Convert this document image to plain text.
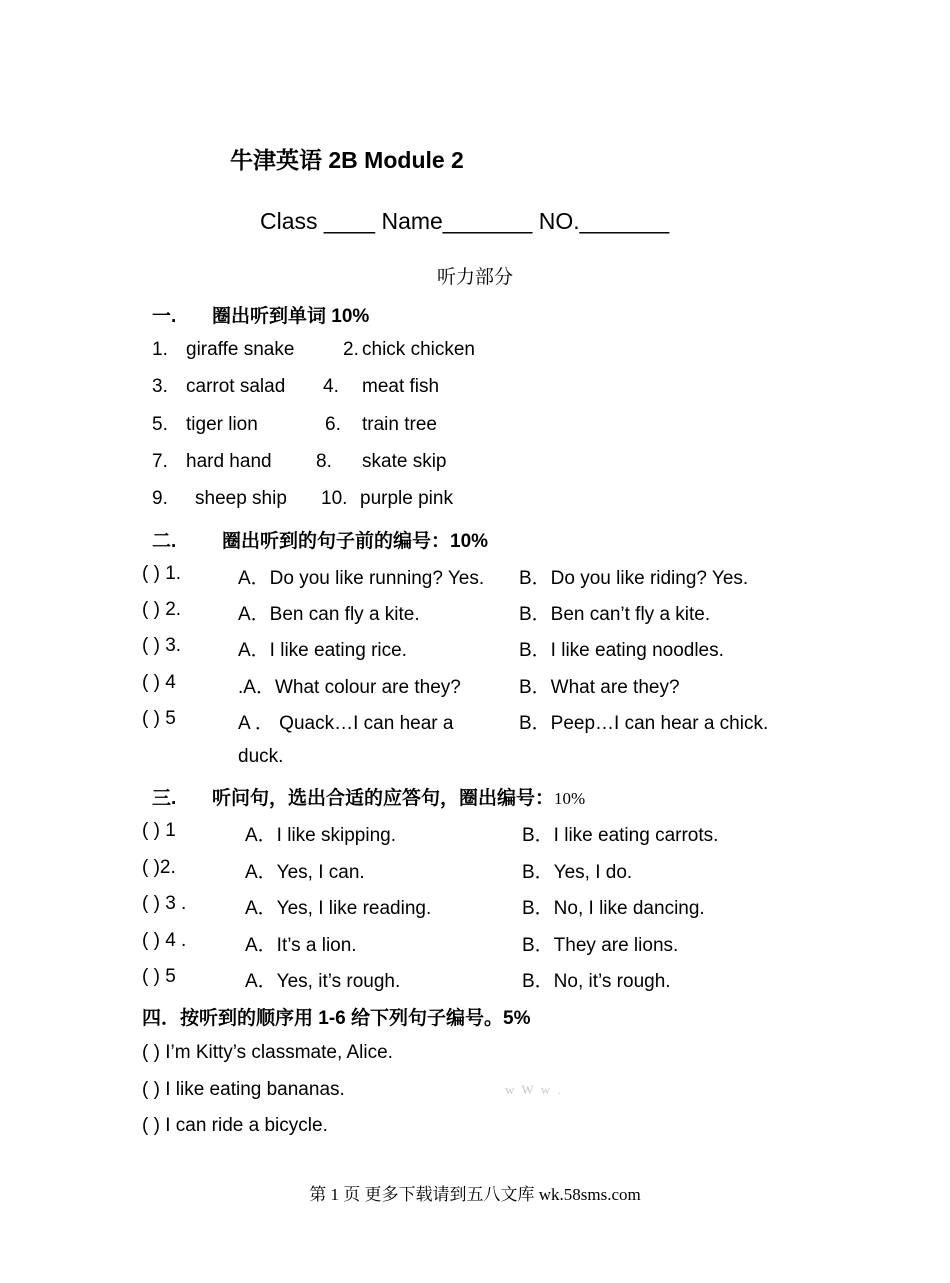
牛津英语 2B Module 2
Class ____ Name_______ NO._______
听力部分
一. 圈出听到单词 10%
1. giraffe snake	2. chick chicken
3. carrot salad 4. meat fish
5. tiger lion	6. train tree
7. hard hand 8. skate skip
9. sheep ship 10. purple pink
二. 圈出听到的句子前的编号：10%
( ) 1.	A．Do you like running? Yes. B．Do you like riding? Yes.
( ) 2.	A．Ben can fly a kite.	B．Ben can’t fly a kite.
( ) 3.	A．I like eating rice.	B．I like eating noodles.
( ) 4	.A．What colour are they?	B．What are they?
( ) 5	A ． Quack…I can hear a	B．Peep…I can hear a chick.
duck.
三. 听问句，选出合适的应答句，圈出编号：10%
( ) 1	A．I like skipping.	B．I like eating carrots.
( )2.	A．Yes, I can.	B．Yes, I do.
( ) 3 .	A．Yes, I like reading.	B．No, I like dancing.
( ) 4 .	A．It’s a lion.	B．They are lions.
( ) 5	A．Yes, it’s rough.	B．No, it’s rough.
四．按听到的顺序用 1-6 给下列句子编号。5%
( ) I’m Kitty’s classmate, Alice.
( ) I like eating bananas.
( ) I can ride a bicycle.
w W w .
第 1 页 更多下载请到五八文库 wk.58sms.com
